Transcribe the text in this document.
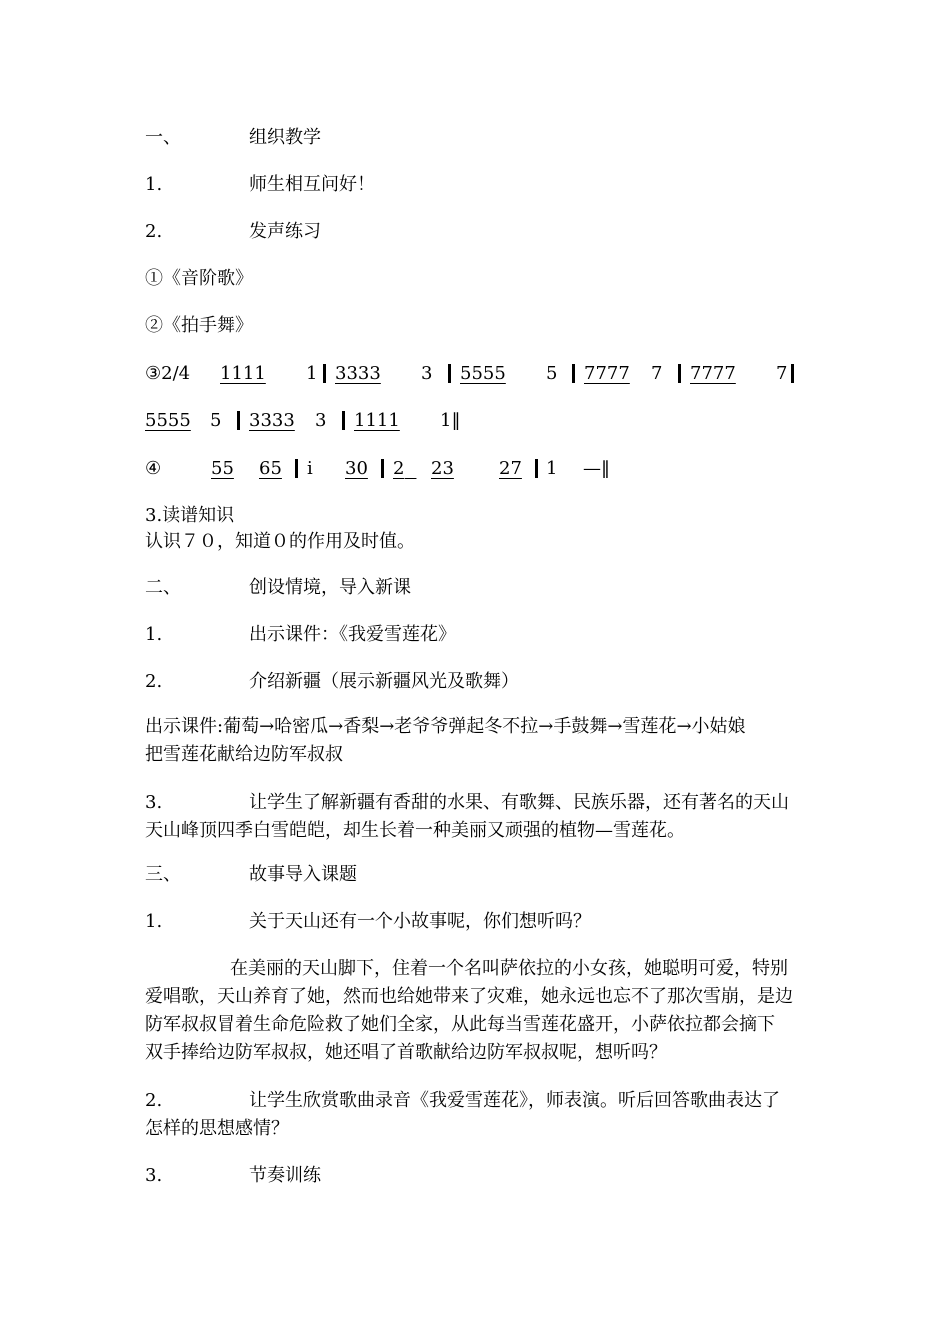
一、	组织教学
1.	师生相互问好！
2.	发声练习
①《音阶歌》
②《拍手舞》
③2/4 1111 1 3333 3 5555 5 7777 7 7777 7
5555 5 3333 3 1111 1‖
④	55 65 i 30 2
23	27 1 —‖
3.读谱知识
认识７０，知道０的作用及时值。
二、	创设情境，导入新课
1.	出示课件：《我爱雪莲花》
2.	介绍新疆（展示新疆风光及歌舞）
出示课件:葡萄→哈密瓜→香梨→老爷爷弹起冬不拉→手鼓舞→雪莲花→小姑娘
把雪莲花献给边防军叔叔
3.	让学生了解新疆有香甜的水果、有歌舞、民族乐器，还有著名的天山
天山峰顶四季白雪皑皑，却生长着一种美丽又顽强的植物—雪莲花。
三、	故事导入课题
1.	关于天山还有一个小故事呢，你们想听吗？
在美丽的天山脚下，住着一个名叫萨依拉的小女孩，她聪明可爱，特别
爱唱歌，天山养育了她，然而也给她带来了灾难，她永远也忘不了那次雪崩，是边
防军叔叔冒着生命危险救了她们全家，从此每当雪莲花盛开，小萨依拉都会摘下
双手捧给边防军叔叔，她还唱了首歌献给边防军叔叔呢，想听吗？
2.	让学生欣赏歌曲录音《我爱雪莲花》，师表演。听后回答歌曲表达了
怎样的思想感情？
3.	节奏训练
